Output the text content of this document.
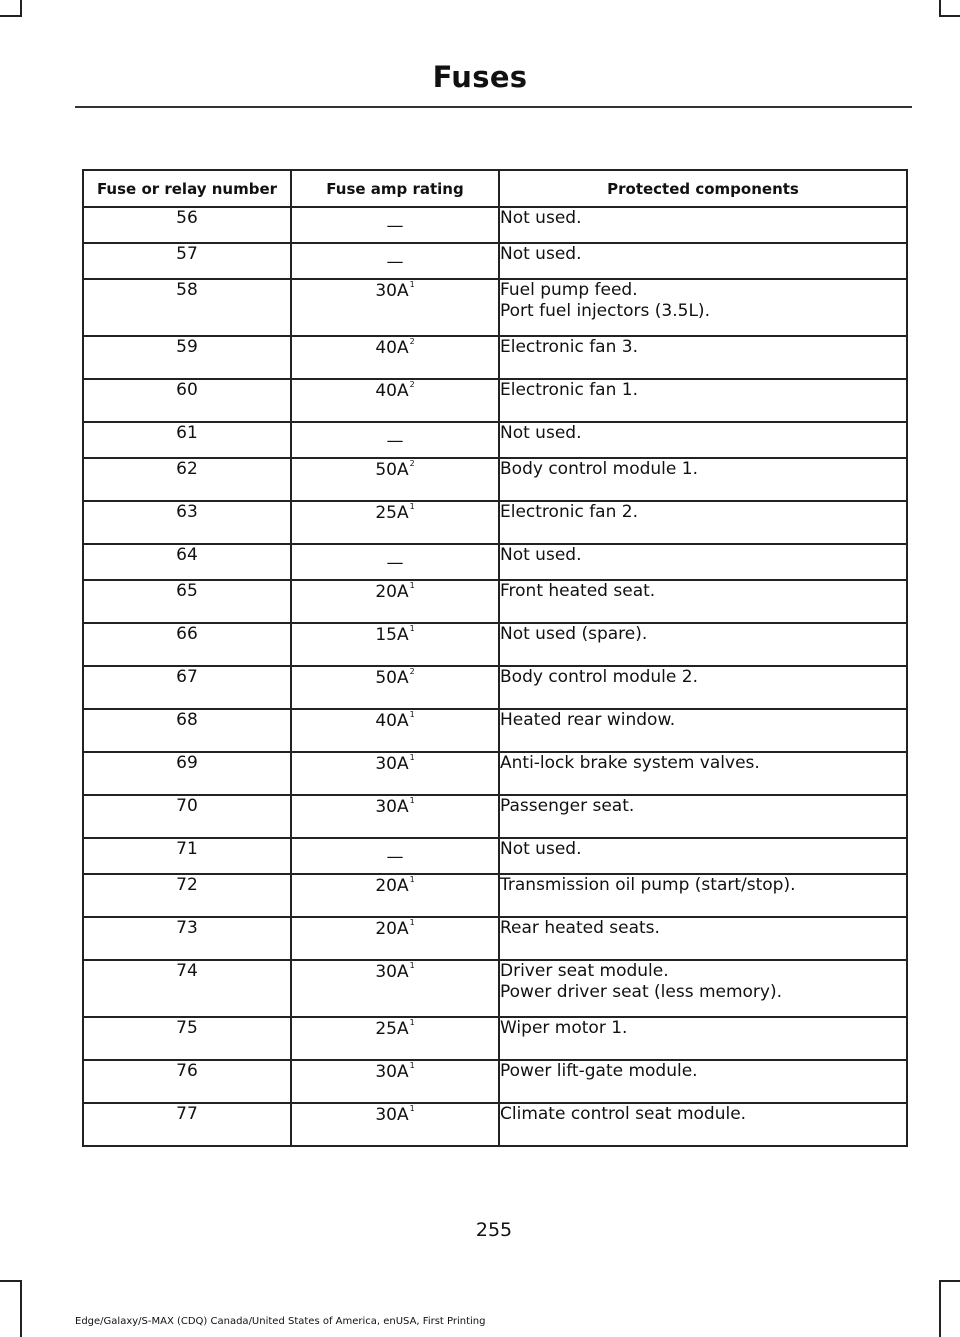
Fuses
Fuse or relay number	Fuse amp rating	Protected components
56	—	Not used.

57	—	Not used.

58	$30A^1$	Fuel pump feed.
Port fuel injectors (3.5L).

59	$40A^2$	Electronic fan 3.

60	$40A^2$	Electronic fan 1.

61	—	Not used.

62	$50A^2$	Body control module 1.

63	$25A^1$	Electronic fan 2.

64	—	Not used.

65	$20A^1$	Front heated seat.

66	$15A^1$	Not used (spare).

67	$50A^2$	Body control module 2.

68	$40A^1$	Heated rear window.

69	$30A^1$	Anti-lock brake system valves.

70	$30A^1$	Passenger seat.

71	—	Not used.

72	$20A^1$	Transmission oil pump (start/stop).

73	$20A^1$	Rear heated seats.

74	$30A^1$	Driver seat module.
Power driver seat (less memory).

75	$25A^1$	Wiper motor 1.

76	$30A^1$	Power lift-gate module.

77	$30A^1$	Climate control seat module.
255
Edge/Galaxy/S-MAX (CDQ) Canada/United States of America, enUSA, First Printing
